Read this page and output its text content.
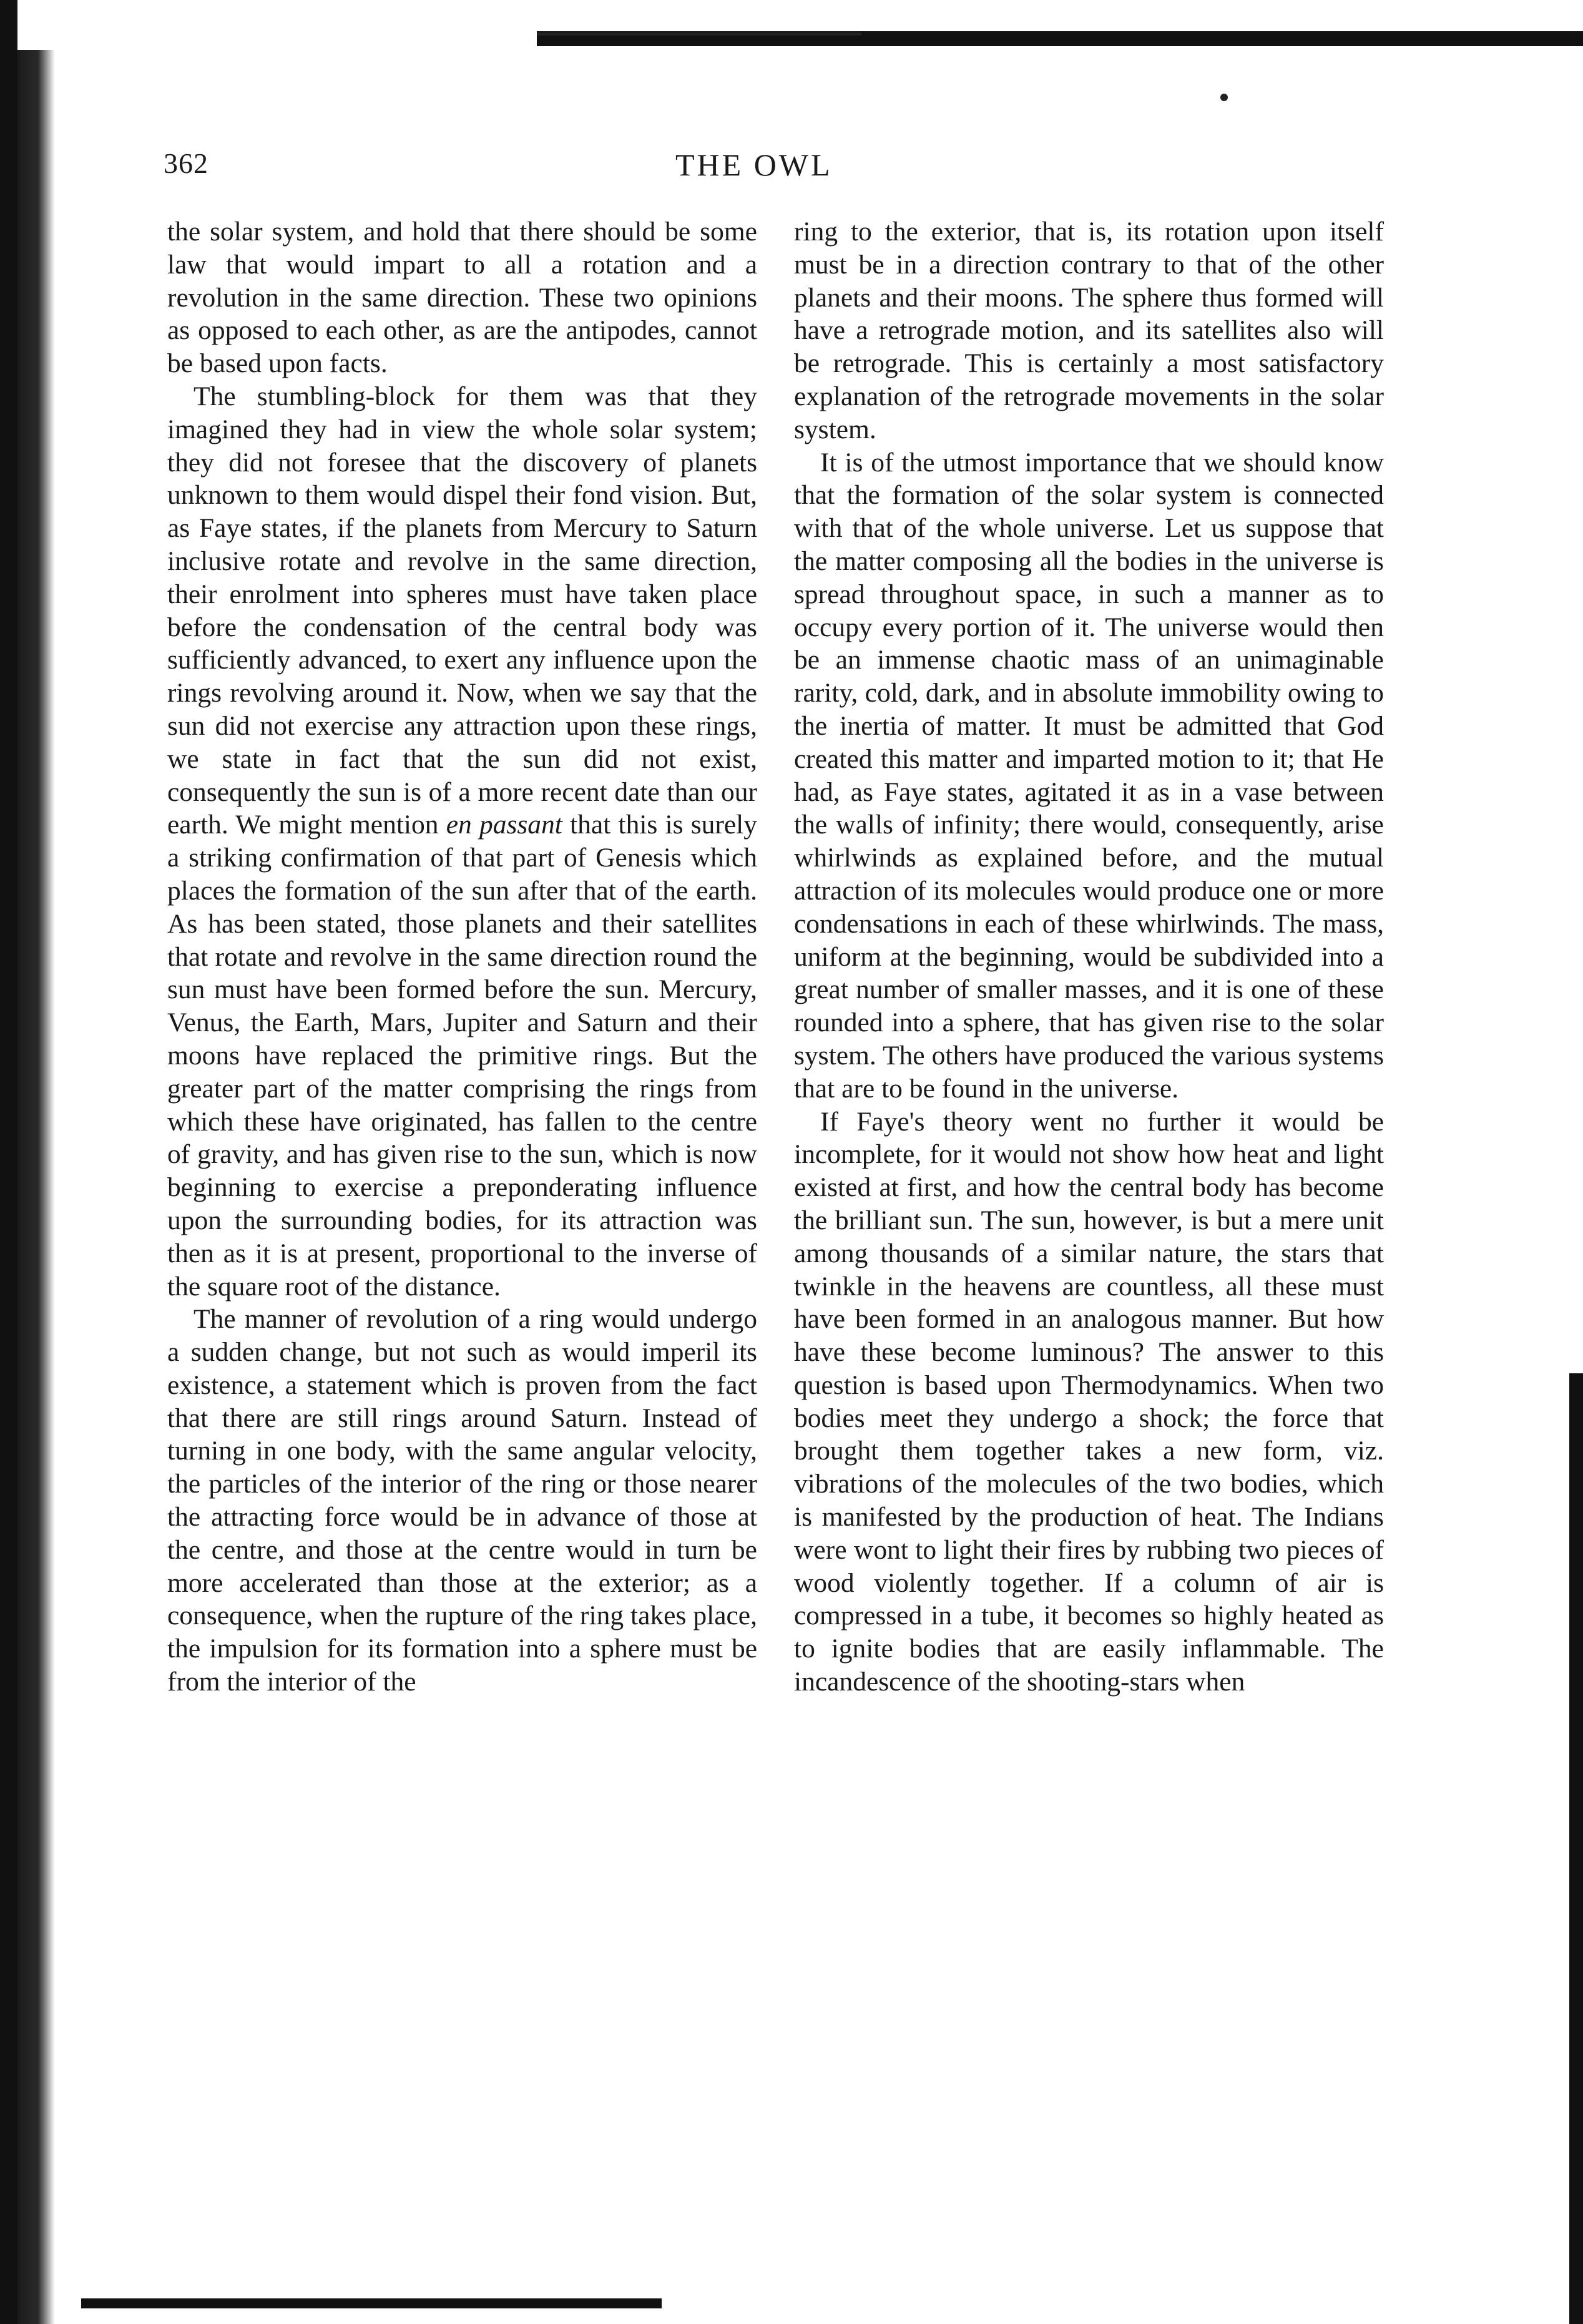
362	THE OWL

the solar system, and hold that there should be some law that would impart to all a rotation and a revolution in the same direction. These two opinions as opposed to each other, as are the antipodes, cannot be based upon facts.

The stumbling-block for them was that they imagined they had in view the whole solar system; they did not foresee that the discovery of planets unknown to them would dispel their fond vision. But, as Faye states, if the planets from Mercury to Saturn inclusive rotate and revolve in the same direction, their enrolment into spheres must have taken place before the condensation of the central body was sufficiently advanced, to exert any influence upon the rings revolving around it. Now, when we say that the sun did not exercise any attraction upon these rings, we state in fact that the sun did not exist, consequently the sun is of a more recent date than our earth. We might mention en passant that this is surely a striking confirmation of that part of Genesis which places the formation of the sun after that of the earth. As has been stated, those planets and their satellites that rotate and revolve in the same direction round the sun must have been formed before the sun. Mercury, Venus, the Earth, Mars, Jupiter and Saturn and their moons have replaced the primitive rings. But the greater part of the matter comprising the rings from which these have originated, has fallen to the centre of gravity, and has given rise to the sun, which is now beginning to exercise a preponderating influence upon the surrounding bodies, for its attraction was then as it is at present, proportional to the inverse of the square root of the distance.

The manner of revolution of a ring would undergo a sudden change, but not such as would imperil its existence, a statement which is proven from the fact that there are still rings around Saturn. Instead of turning in one body, with the same angular velocity, the particles of the interior of the ring or those nearer the attracting force would be in advance of those at the centre, and those at the centre would in turn be more accelerated than those at the exterior; as a consequence, when the rupture of the ring takes place, the impulsion for its formation into a sphere must be from the interior of the

ring to the exterior, that is, its rotation upon itself must be in a direction contrary to that of the other planets and their moons. The sphere thus formed will have a retrograde motion, and its satellites also will be retrograde. This is certainly a most satisfactory explanation of the retrograde movements in the solar system.

It is of the utmost importance that we should know that the formation of the solar system is connected with that of the whole universe. Let us suppose that the matter composing all the bodies in the universe is spread throughout space, in such a manner as to occupy every portion of it. The universe would then be an immense chaotic mass of an unimaginable rarity, cold, dark, and in absolute immobility owing to the inertia of matter. It must be admitted that God created this matter and imparted motion to it; that He had, as Faye states, agitated it as in a vase between the walls of infinity; there would, consequently, arise whirlwinds as explained before, and the mutual attraction of its molecules would produce one or more condensations in each of these whirlwinds. The mass, uniform at the beginning, would be subdivided into a great number of smaller masses, and it is one of these rounded into a sphere, that has given rise to the solar system. The others have produced the various systems that are to be found in the universe.

If Faye's theory went no further it would be incomplete, for it would not show how heat and light existed at first, and how the central body has become the brilliant sun. The sun, however, is but a mere unit among thousands of a similar nature, the stars that twinkle in the heavens are countless, all these must have been formed in an analogous manner. But how have these become luminous? The answer to this question is based upon Thermodynamics. When two bodies meet they undergo a shock; the force that brought them together takes a new form, viz. vibrations of the molecules of the two bodies, which is manifested by the production of heat. The Indians were wont to light their fires by rubbing two pieces of wood violently together. If a column of air is compressed in a tube, it becomes so highly heated as to ignite bodies that are easily inflammable. The incandescence of the shooting-stars when
